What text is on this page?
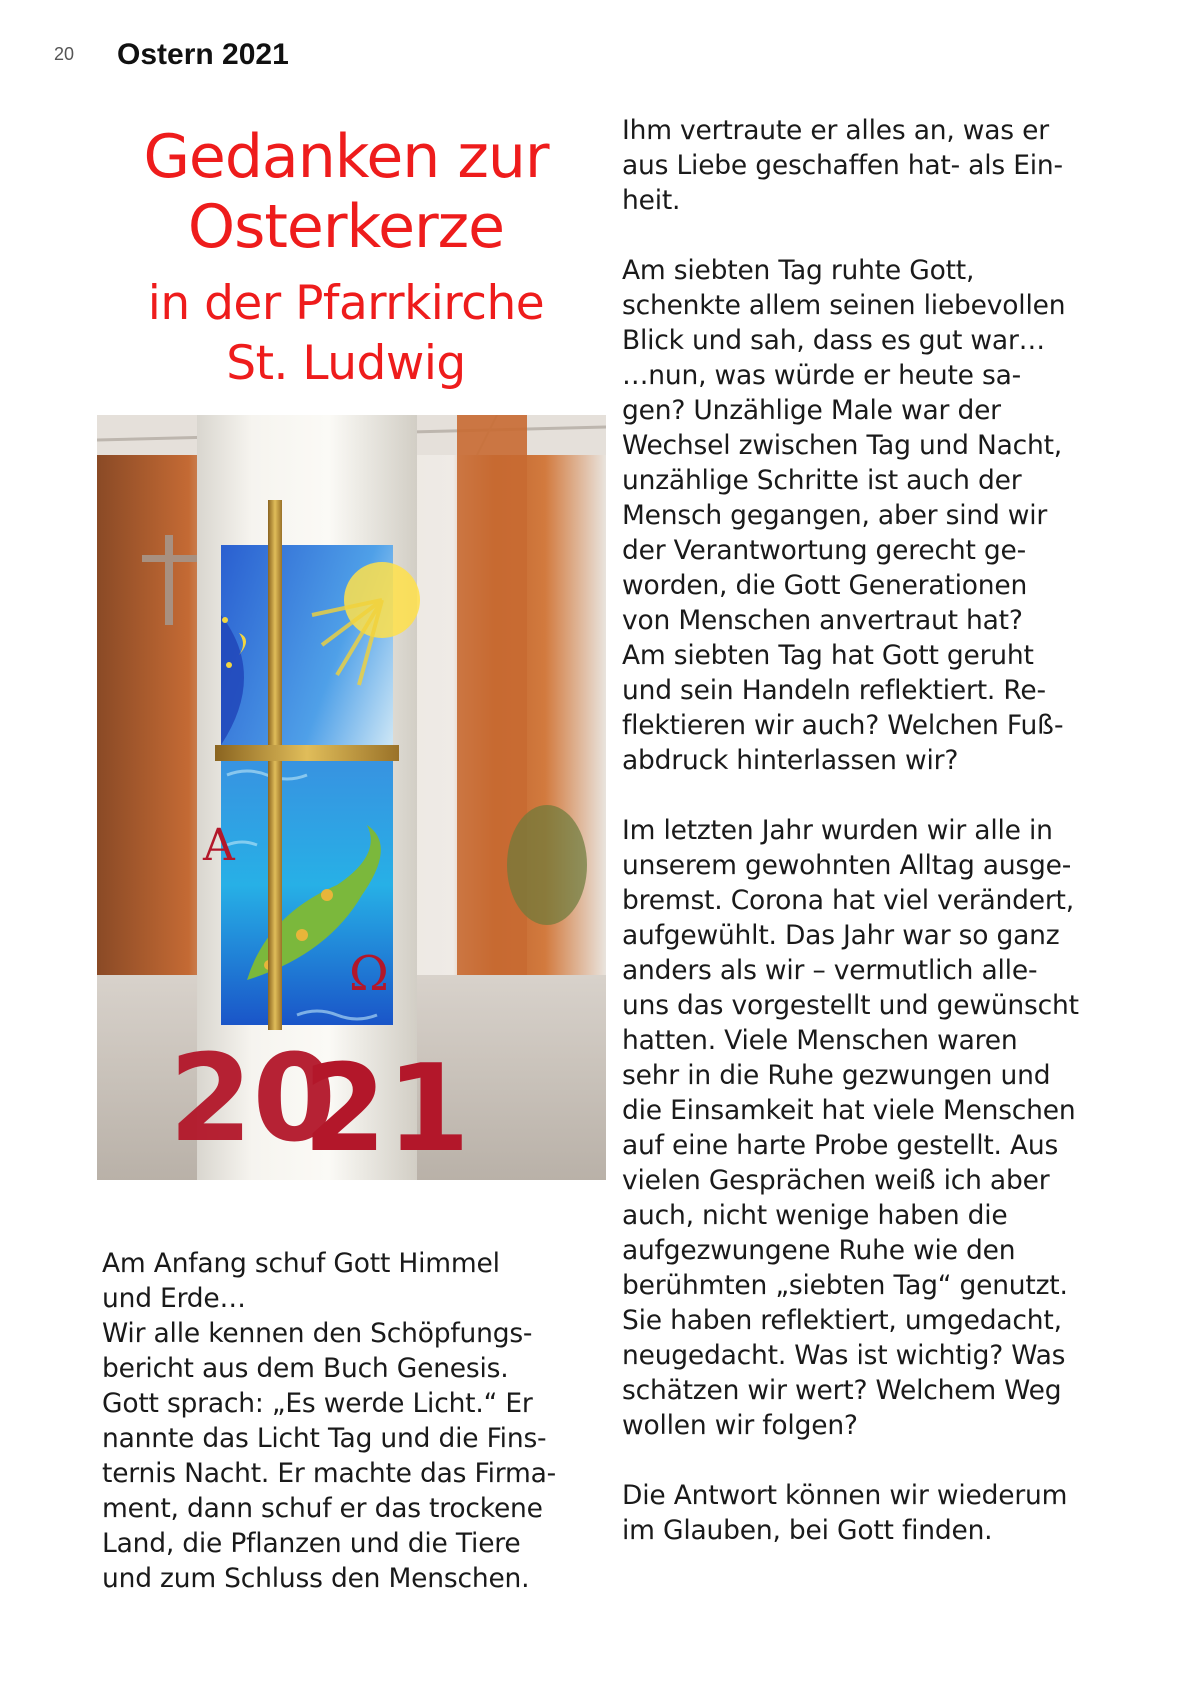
20 Ostern 2021
Gedanken zur
Osterkerze
in der Pfarrkirche
St. Ludwig
A
Ω
20
21

Am Anfang schuf Gott Himmel
und Erde…
Wir alle kennen den Schöpfungs-
bericht aus dem Buch Genesis.
Gott sprach: „Es werde Licht.“ Er
nannte das Licht Tag und die Fins-
ternis Nacht. Er machte das Firma-
ment, dann schuf er das trockene
Land, die Pflanzen und die Tiere
und zum Schluss den Menschen.

Ihm vertraute er alles an, was er
aus Liebe geschaffen hat- als Ein-
heit.

Am siebten Tag ruhte Gott,
schenkte allem seinen liebevollen
Blick und sah, dass es gut war…
…nun, was würde er heute sa-
gen? Unzählige Male war der
Wechsel zwischen Tag und Nacht,
unzählige Schritte ist auch der
Mensch gegangen, aber sind wir
der Verantwortung gerecht ge-
worden, die Gott Generationen
von Menschen anvertraut hat?
Am siebten Tag hat Gott geruht
und sein Handeln reflektiert. Re-
flektieren wir auch? Welchen Fuß-
abdruck hinterlassen wir?

Im letzten Jahr wurden wir alle in
unserem gewohnten Alltag ausge-
bremst. Corona hat viel verändert,
aufgewühlt. Das Jahr war so ganz
anders als wir – vermutlich alle-
uns das vorgestellt und gewünscht
hatten. Viele Menschen waren
sehr in die Ruhe gezwungen und
die Einsamkeit hat viele Menschen
auf eine harte Probe gestellt. Aus
vielen Gesprächen weiß ich aber
auch, nicht wenige haben die
aufgezwungene Ruhe wie den
berühmten „siebten Tag“ genutzt.
Sie haben reflektiert, umgedacht,
neugedacht. Was ist wichtig? Was
schätzen wir wert? Welchem Weg
wollen wir folgen?

Die Antwort können wir wiederum
im Glauben, bei Gott finden.
